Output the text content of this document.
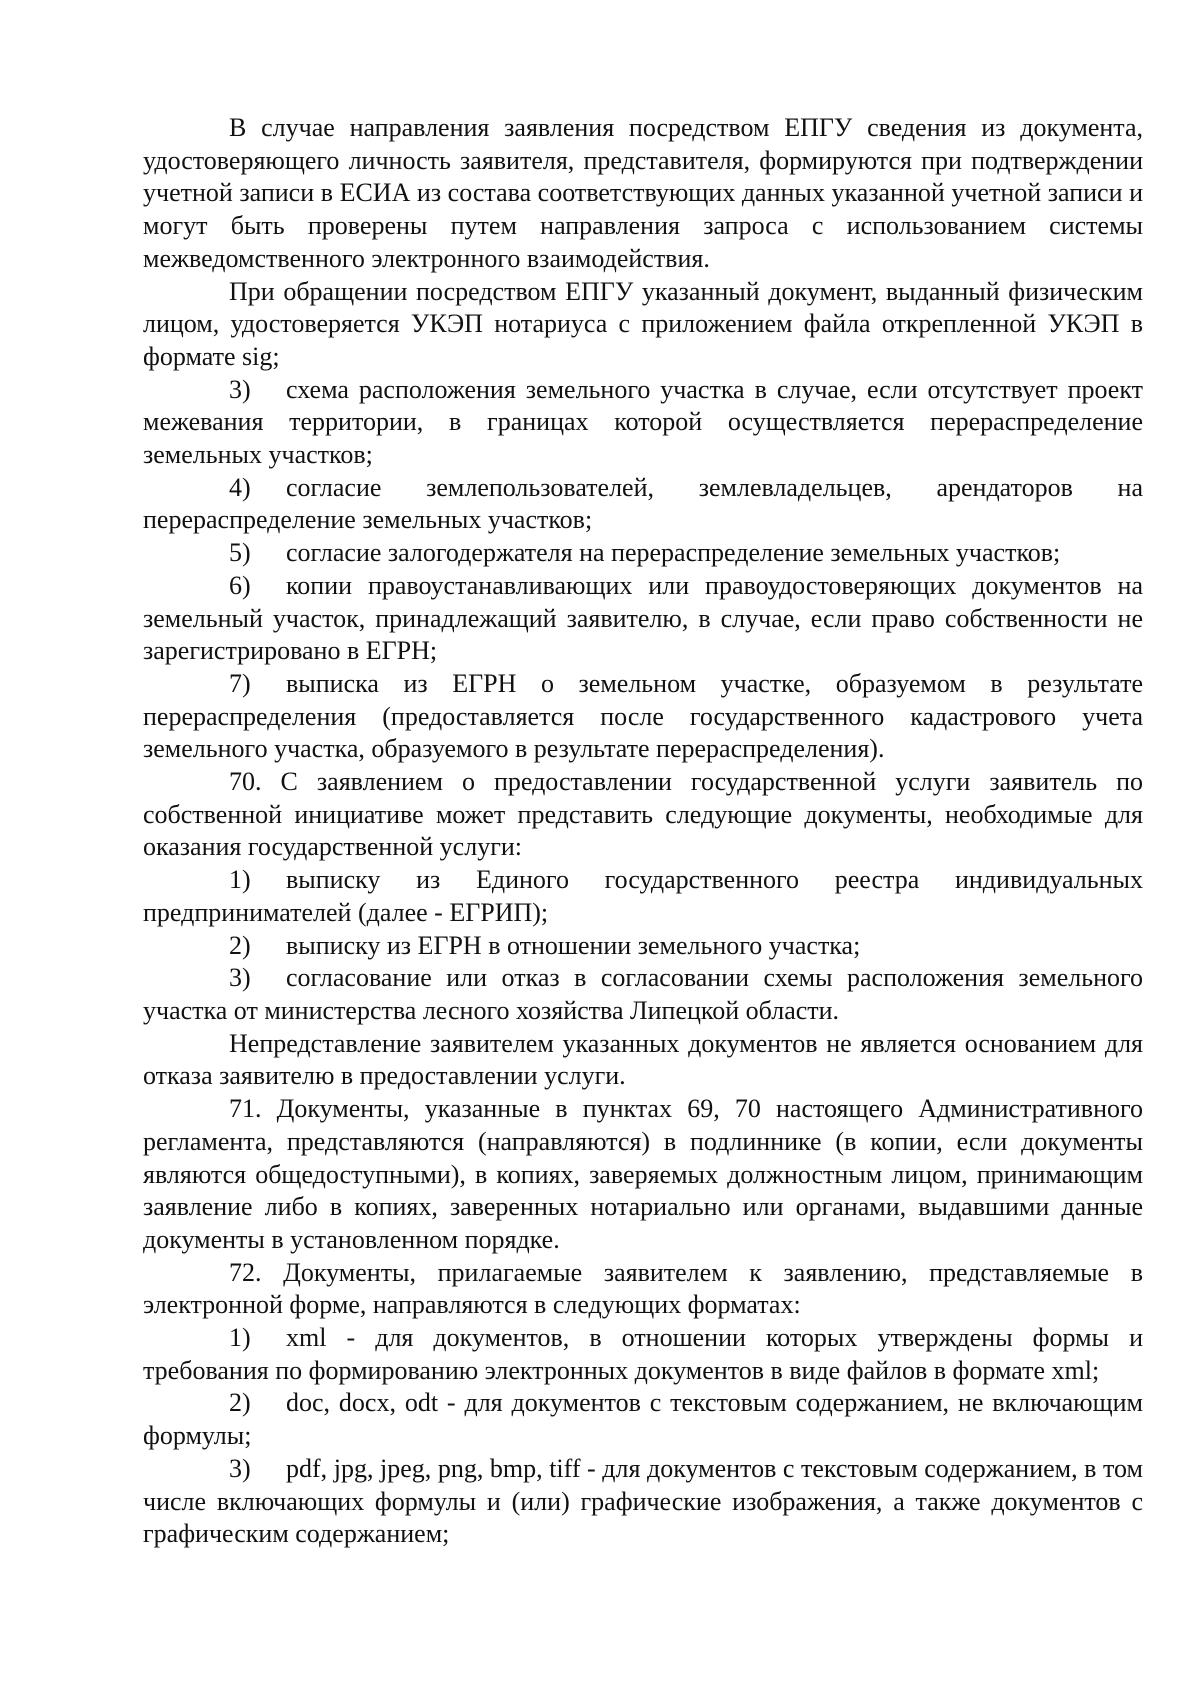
В случае направления заявления посредством ЕПГУ сведения из документа, удостоверяющего личность заявителя, представителя, формируются при подтверждении учетной записи в ЕСИА из состава соответствующих данных указанной учетной записи и могут быть проверены путем направления запроса с использованием системы межведомственного электронного взаимодействия.

При обращении посредством ЕПГУ указанный документ, выданный физическим лицом, удостоверяется УКЭП нотариуса с приложением файла открепленной УКЭП в формате sig;

3) схема расположения земельного участка в случае, если отсутствует проект межевания территории, в границах которой осуществляется перераспределение земельных участков;

4) согласие землепользователей, землевладельцев, арендаторов на перераспределение земельных участков;

5) согласие залогодержателя на перераспределение земельных участков;

6) копии правоустанавливающих или правоудостоверяющих документов на земельный участок, принадлежащий заявителю, в случае, если право собственности не зарегистрировано в ЕГРН;

7) выписка из ЕГРН о земельном участке, образуемом в результате перераспределения (предоставляется после государственного кадастрового учета земельного участка, образуемого в результате перераспределения).

70. С заявлением о предоставлении государственной услуги заявитель по собственной инициативе может представить следующие документы, необходимые для оказания государственной услуги:

1) выписку из Единого государственного реестра индивидуальных предпринимателей (далее - ЕГРИП);

2) выписку из ЕГРН в отношении земельного участка;

3) согласование или отказ в согласовании схемы расположения земельного участка от министерства лесного хозяйства Липецкой области.

Непредставление заявителем указанных документов не является основанием для отказа заявителю в предоставлении услуги.

71. Документы, указанные в пунктах 69, 70 настоящего Административного регламента, представляются (направляются) в подлиннике (в копии, если документы являются общедоступными), в копиях, заверяемых должностным лицом, принимающим заявление либо в копиях, заверенных нотариально или органами, выдавшими данные документы в установленном порядке.

72. Документы, прилагаемые заявителем к заявлению, представляемые в электронной форме, направляются в следующих форматах:

1) xml - для документов, в отношении которых утверждены формы и требования по формированию электронных документов в виде файлов в формате xml;

2) doc, docx, odt - для документов с текстовым содержанием, не включающим формулы;

3) pdf, jpg, jpeg, png, bmp, tiff - для документов с текстовым содержанием, в том числе включающих формулы и (или) графические изображения, а также документов с графическим содержанием;
